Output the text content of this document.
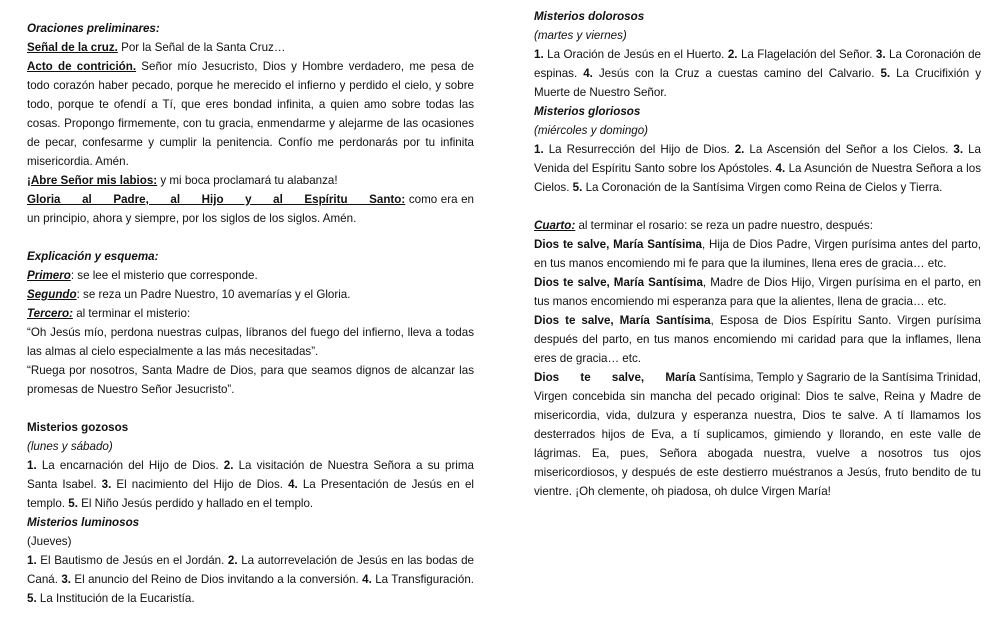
Oraciones preliminares:

Señal de la cruz. Por la Señal de la Santa Cruz…

Acto de contrición. Señor mío Jesucristo, Dios y Hombre verdadero, me pesa de todo corazón haber pecado, porque he merecido el infierno y perdido el cielo, y sobre todo, porque te ofendí a Tí, que eres bondad infinita, a quien amo sobre todas las cosas. Propongo firmemente, con tu gracia, enmendarme y alejarme de las ocasiones de pecar, confesarme y cumplir la penitencia. Confío me perdonarás por tu infinita misericordia. Amén.

¡Abre Señor mis labios: y mi boca proclamará tu alabanza!

Gloria al Padre, al Hijo y al Espíritu Santo: como era en un principio, ahora y siempre, por los siglos de los siglos. Amén.

Explicación y esquema:

Primero: se lee el misterio que corresponde.

Segundo: se reza un Padre Nuestro, 10 avemarías y el Gloria.

Tercero: al terminar el misterio:

“Oh Jesús mío, perdona nuestras culpas, líbranos del fuego del infierno, lleva a todas las almas al cielo especialmente a las más necesitadas”.

“Ruega por nosotros, Santa Madre de Dios, para que seamos dignos de alcanzar las promesas de Nuestro Señor Jesucristo”.

Misterios gozosos

(lunes y sábado)

1. La encarnación del Hijo de Dios. 2. La visitación de Nuestra Señora a su prima Santa Isabel. 3. El nacimiento del Hijo de Dios. 4. La Presentación de Jesús en el templo. 5. El Niño Jesús perdido y hallado en el templo.

Misterios luminosos

(Jueves)

1. El Bautismo de Jesús en el Jordán. 2. La autorrevelación de Jesús en las bodas de Caná. 3. El anuncio del Reino de Dios invitando a la conversión. 4. La Transfiguración. 5. La Institución de la Eucaristía.

Misterios dolorosos

(martes y viernes)

1. La Oración de Jesús en el Huerto. 2. La Flagelación del Señor. 3. La Coronación de espinas. 4. Jesús con la Cruz a cuestas camino del Calvario. 5. La Crucifixión y Muerte de Nuestro Señor.

Misterios gloriosos

(miércoles y domingo)

1. La Resurrección del Hijo de Dios. 2. La Ascensión del Señor a los Cielos. 3. La Venida del Espíritu Santo sobre los Apóstoles. 4. La Asunción de Nuestra Señora a los Cielos. 5. La Coronación de la Santísima Virgen como Reina de Cielos y Tierra.

Cuarto: al terminar el rosario: se reza un padre nuestro, después:

Dios te salve, María Santísima, Hija de Dios Padre, Virgen purísima antes del parto, en tus manos encomiendo mi fe para que la ilumines, llena eres de gracia… etc.

Dios te salve, María Santísima, Madre de Dios Hijo, Virgen purísima en el parto, en tus manos encomiendo mi esperanza para que la alientes, llena de gracia… etc.

Dios te salve, María Santísima, Esposa de Dios Espíritu Santo. Virgen purísima después del parto, en tus manos encomiendo mi caridad para que la inflames, llena eres de gracia… etc.

Dios te salve, María Santísima, Templo y Sagrario de la Santísima Trinidad, Virgen concebida sin mancha del pecado original: Dios te salve, Reina y Madre de misericordia, vida, dulzura y esperanza nuestra, Dios te salve. A tí llamamos los desterrados hijos de Eva, a tí suplicamos, gimiendo y llorando, en este valle de lágrimas. Ea, pues, Señora abogada nuestra, vuelve a nosotros tus ojos misericordiosos, y después de este destierro muéstranos a Jesús, fruto bendito de tu vientre. ¡Oh clemente, oh piadosa, oh dulce Virgen María!
